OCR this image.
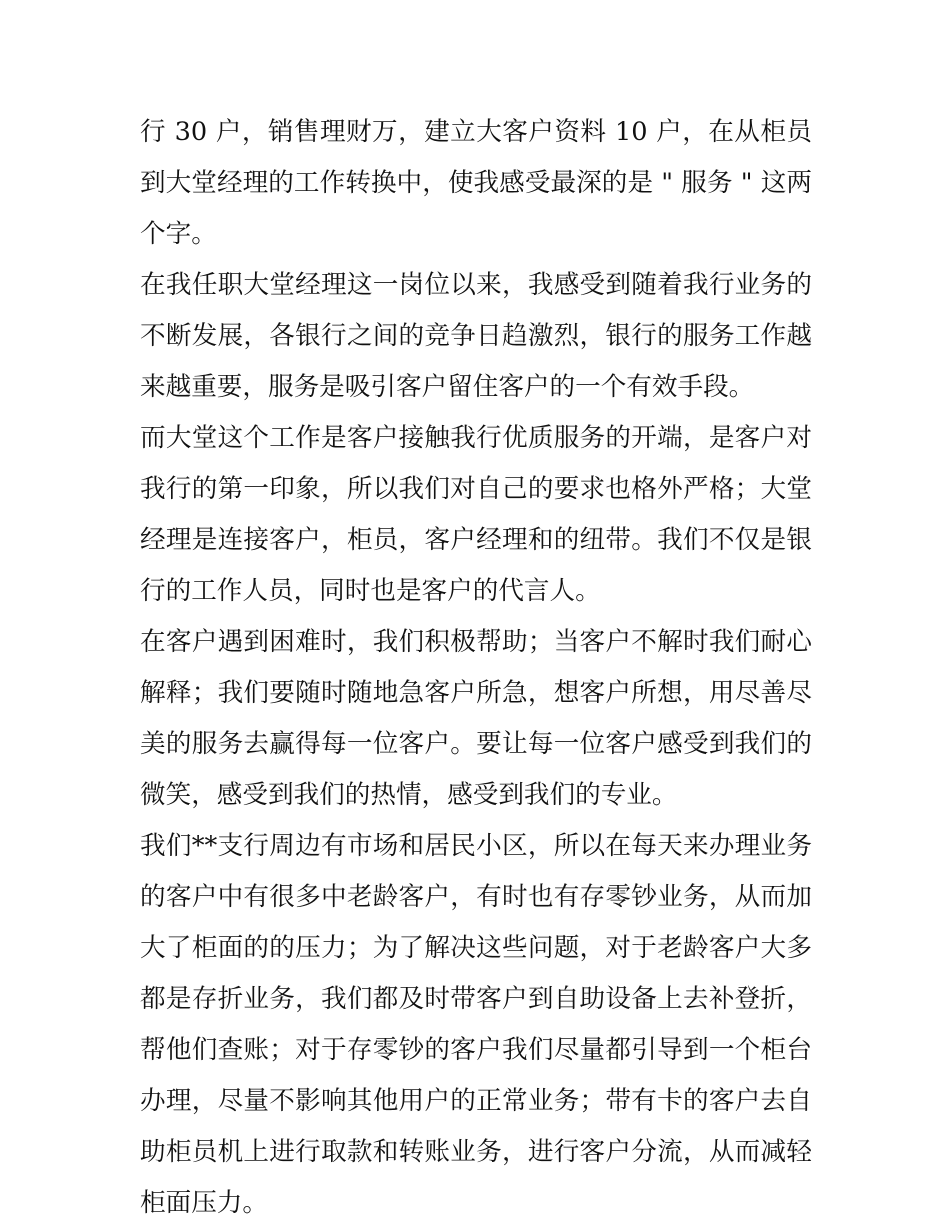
行 30 户，销售理财万，建立大客户资料 10 户，在从柜员到大堂经理的工作转换中，使我感受最深的是 " 服务 " 这两个字。

在我任职大堂经理这一岗位以来，我感受到随着我行业务的不断发展，各银行之间的竞争日趋激烈，银行的服务工作越来越重要，服务是吸引客户留住客户的一个有效手段。

而大堂这个工作是客户接触我行优质服务的开端，是客户对我行的第一印象，所以我们对自己的要求也格外严格；大堂经理是连接客户，柜员，客户经理和的纽带。我们不仅是银行的工作人员，同时也是客户的代言人。

在客户遇到困难时，我们积极帮助；当客户不解时我们耐心解释；我们要随时随地急客户所急，想客户所想，用尽善尽美的服务去赢得每一位客户。要让每一位客户感受到我们的微笑，感受到我们的热情，感受到我们的专业。

我们**支行周边有市场和居民小区，所以在每天来办理业务的客户中有很多中老龄客户，有时也有存零钞业务，从而加大了柜面的的压力；为了解决这些问题，对于老龄客户大多都是存折业务，我们都及时带客户到自助设备上去补登折，帮他们查账；对于存零钞的客户我们尽量都引导到一个柜台办理，尽量不影响其他用户的正常业务；带有卡的客户去自助柜员机上进行取款和转账业务，进行客户分流，从而减轻柜面压力。
